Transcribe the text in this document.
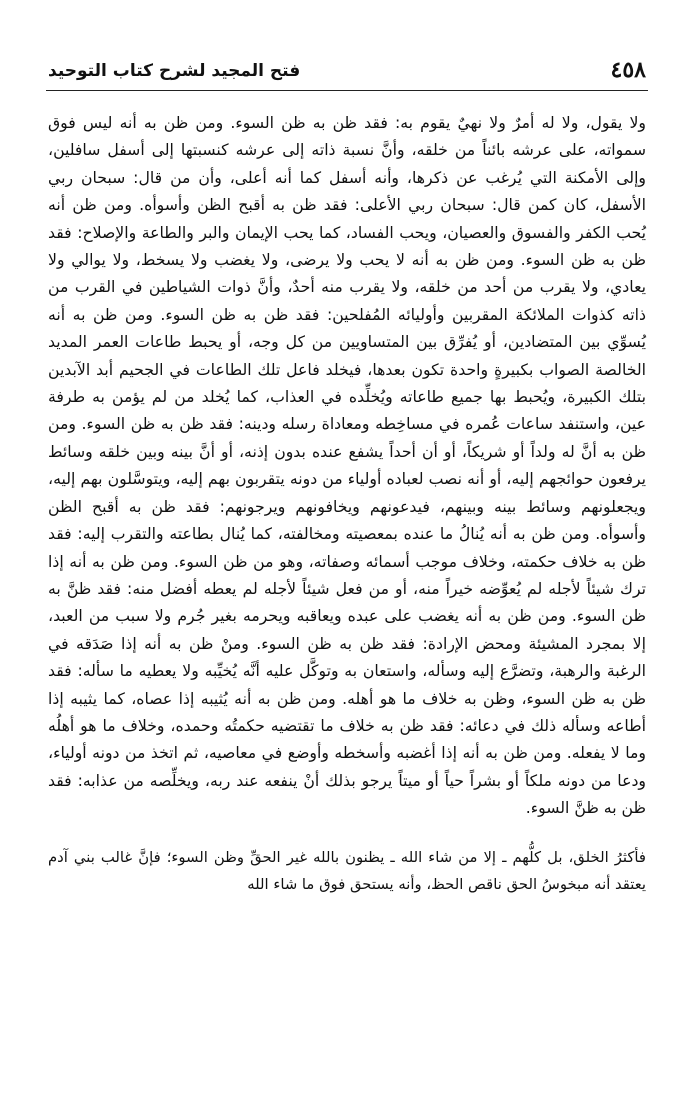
٤٥٨
فتح المجيد لشرح كتاب التوحيد

ولا يقول، ولا له أمرٌ ولا نهيٌ يقوم به: فقد ظن به ظن السوء. ومن ظن به أنه ليس فوق سمواته، على عرشه بائناً من خلقه، وأنَّ نسبة ذاته إلى عرشه كنسبتها إلى أسفل سافلين، وإلى الأمكنة التي يُرغب عن ذكرها، وأنه أسفل كما أنه أعلى، وأن من قال: سبحان ربي الأسفل، كان كمن قال: سبحان ربي الأعلى: فقد ظن به أقبح الظن وأسوأه. ومن ظن أنه يُحب الكفر والفسوق والعصيان، ويحب الفساد، كما يحب الإيمان والبر والطاعة والإصلاح: فقد ظن به ظن السوء. ومن ظن به أنه لا يحب ولا يرضى، ولا يغضب ولا يسخط، ولا يوالي ولا يعادي، ولا يقرب من أحد من خلقه، ولا يقرب منه أحدٌ، وأنَّ ذوات الشياطين في القرب من ذاته كذوات الملائكة المقربين وأوليائه المُفلحين: فقد ظن به ظن السوء. ومن ظن به أنه يُسوِّي بين المتضادين، أو يُفرِّق بين المتساويين من كل وجه، أو يحبط طاعات العمر المديد الخالصة الصواب بكبيرةٍ واحدة تكون بعدها، فيخلد فاعل تلك الطاعات في الجحيم أبد الآبدين بتلك الكبيرة، ويُحبط بها جميع طاعاته ويُخلِّده في العذاب، كما يُخلد من لم يؤمن به طرفة عين، واستنفد ساعات عُمره في مساخِطه ومعاداة رسله ودينه: فقد ظن به ظن السوء. ومن ظن به أنَّ له ولداً أو شريكاً، أو أن أحداً يشفع عنده بدون إذنه، أو أنَّ بينه وبين خلقه وسائط يرفعون حوائجهم إليه، أو أنه نصب لعباده أولياء من دونه يتقربون بهم إليه، ويتوسَّلون بهم إليه، ويجعلونهم وسائط بينه وبينهم، فيدعونهم ويخافونهم ويرجونهم: فقد ظن به أقبح الظن وأسوأه. ومن ظن به أنه يُنالُ ما عنده بمعصيته ومخالفته، كما يُنال بطاعته والتقرب إليه: فقد ظن به خلاف حكمته، وخلاف موجب أسمائه وصفاته، وهو من ظن السوء. ومن ظن به أنه إذا ترك شيئاً لأجله لم يُعوِّضه خيراً منه، أو من فعل شيئاً لأجله لم يعطه أفضل منه: فقد ظنَّ به ظن السوء. ومن ظن به أنه يغضب على عبده ويعاقبه ويحرمه بغير جُرم ولا سبب من العبد، إلا بمجرد المشيئة ومحض الإرادة: فقد ظن به ظن السوء. ومنْ ظن به أنه إذا صَدَقه في الرغبة والرهبة، وتضرَّع إليه وسأله، واستعان به وتوكَّل عليه أنَّه يُخيِّبه ولا يعطيه ما سأله: فقد ظن به ظن السوء، وظن به خلاف ما هو أهله. ومن ظن به أنه يُثيبه إذا عصاه، كما يثيبه إذا أطاعه وسأله ذلك في دعائه: فقد ظن به خلاف ما تقتضيه حكمتُه وحمده، وخلاف ما هو أهلُه وما لا يفعله. ومن ظن به أنه إذا أغضبه وأسخطه وأوضع في معاصيه، ثم اتخذ من دونه أولياء، ودعا من دونه ملكاً أو بشراً حياً أو ميتاً يرجو بذلك أنْ ينفعه عند ربه، ويخلِّصه من عذابه: فقد ظن به ظنَّ السوء.

فأكثرُ الخلق، بل كلُّهم ـ إلا من شاء الله ـ يظنون بالله غير الحقِّ وظن السوء؛ فإنَّ غالب بني آدم يعتقد أنه مبخوسُ الحق ناقص الحظ، وأنه يستحق فوق ما شاء الله
